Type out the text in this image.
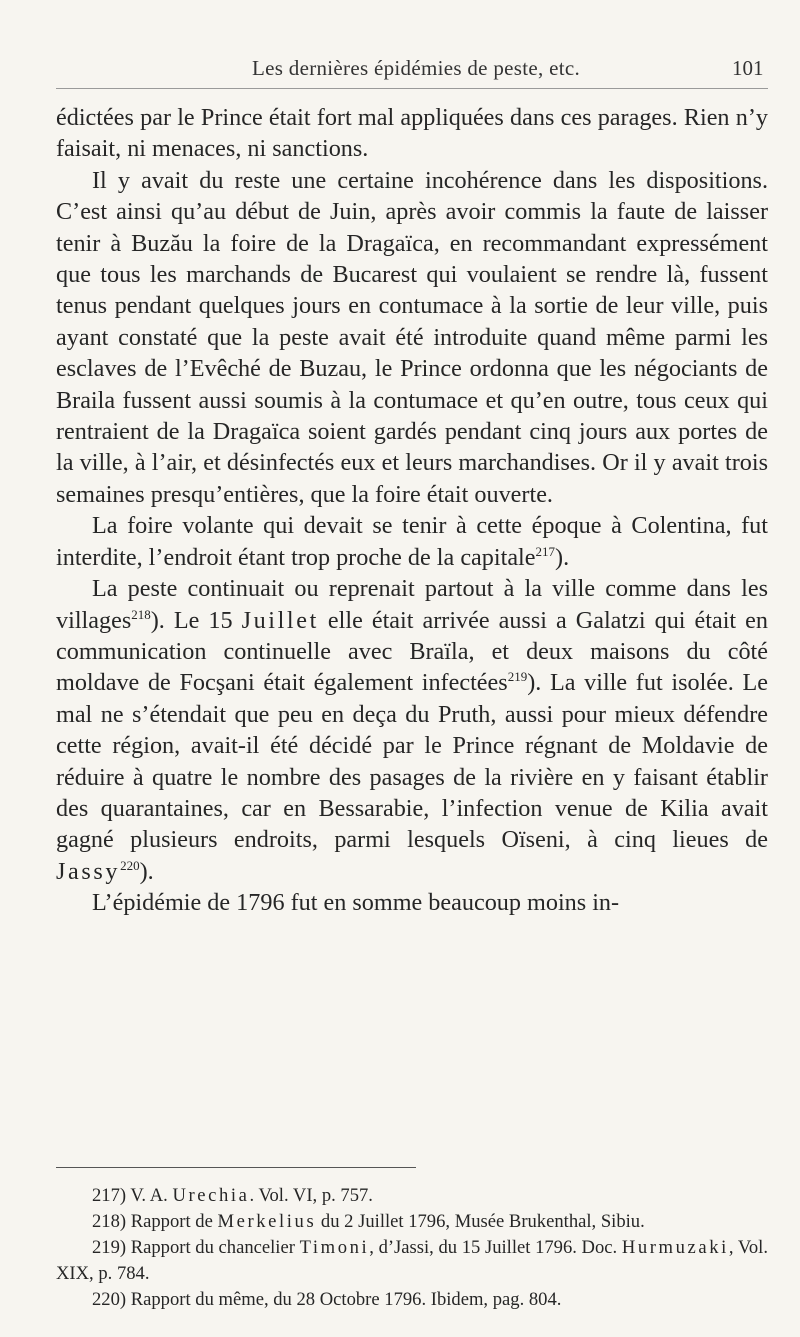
Les dernières épidémies de peste, etc.	101

édictées par le Prince était fort mal appliquées dans ces parages. Rien n’y faisait, ni menaces, ni sanctions.

Il y avait du reste une certaine incohérence dans les dispositions. C’est ainsi qu’au début de Juin, après avoir commis la faute de laisser tenir à Buzău la foire de la Dragaïca, en recommandant expressément que tous les marchands de Bucarest qui voulaient se rendre là, fussent tenus pendant quelques jours en contumace à la sortie de leur ville, puis ayant constaté que la peste avait été introduite quand même parmi les esclaves de l’Evêché de Buzau, le Prince ordonna que les négociants de Braila fussent aussi soumis à la contumace et qu’en outre, tous ceux qui rentraient de la Dragaïca soient gardés pendant cinq jours aux portes de la ville, à l’air, et désinfectés eux et leurs marchandises. Or il y avait trois semaines presqu’entières, que la foire était ouverte.

La foire volante qui devait se tenir à cette époque à Colentina, fut interdite, l’endroit étant trop proche de la capitale$^{217}$).

La peste continuait ou reprenait partout à la ville comme dans les villages$^{218}$). Le 15 Juillet elle était arrivée aussi a Galatzi qui était en communication continuelle avec Braïla, et deux maisons du côté moldave de Focşani était également infectées$^{219}$). La ville fut isolée. Le mal ne s’étendait que peu en deça du Pruth, aussi pour mieux défendre cette région, avait-il été décidé par le Prince régnant de Moldavie de réduire à quatre le nombre des pasages de la rivière en y faisant établir des quarantaines, car en Bessarabie, l’infection venue de Kilia avait gagné plusieurs endroits, parmi lesquels Oïseni, à cinq lieues de Jassy$^{220}$).

L’épidémie de 1796 fut en somme beaucoup moins in-

217) V. A. Urechia. Vol. VI, p. 757.

218) Rapport de Merkelius du 2 Juillet 1796, Musée Brukenthal, Sibiu.

219) Rapport du chancelier Timoni, d’Jassi, du 15 Juillet 1796. Doc. Hurmuzaki, Vol. XIX, p. 784.

220) Rapport du même, du 28 Octobre 1796. Ibidem, pag. 804.
